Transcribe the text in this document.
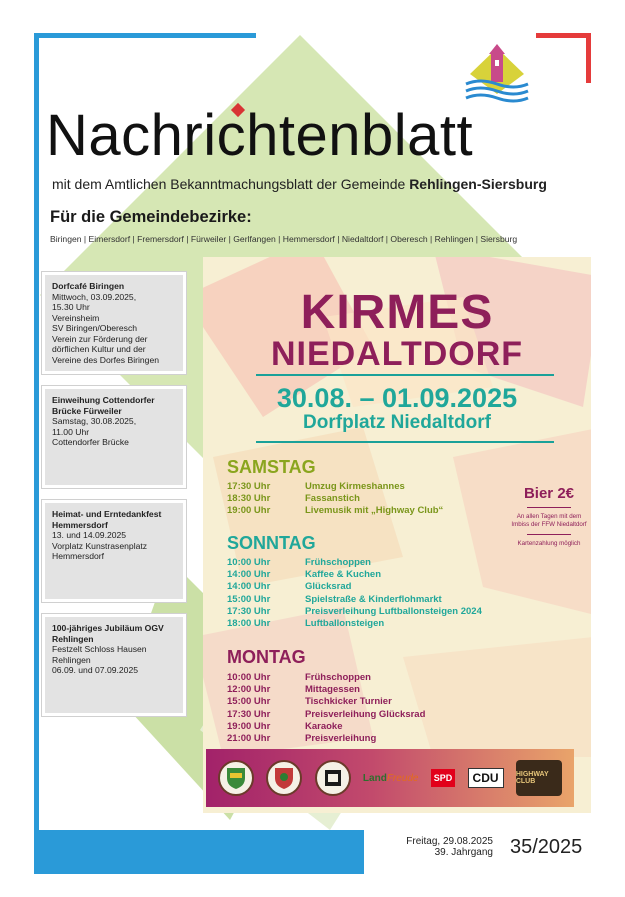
Nachrichtenblatt
mit dem Amtlichen Bekanntmachungsblatt der Gemeinde Rehlingen-Siersburg
Für die Gemeindebezirke:
Biringen | Eimersdorf | Fremersdorf | Fürweiler | Gerlfangen | Hemmersdorf | Niedaltdorf | Oberesch | Rehlingen | Siersburg
Dorfcafé Biringen
Mittwoch, 03.09.2025,
15.30 Uhr
Vereinsheim
SV Biringen/Oberesch
Verein zur Förderung der
dörflichen Kultur und der
Vereine des Dorfes Biringen
Einweihung Cottendorfer Brücke Fürweiler
Samstag, 30.08.2025,
11.00 Uhr
Cottendorfer Brücke
Heimat- und Erntedankfest Hemmersdorf
13. und 14.09.2025
Vorplatz Kunstrasenplatz
Hemmersdorf
100-jähriges Jubiläum OGV Rehlingen
Festzelt Schloss Hausen
Rehlingen
06.09. und 07.09.2025
KIRMES
NIEDALTDORF
30.08. – 01.09.2025
Dorfplatz Niedaltdorf
SAMSTAG
17:30 Uhr	Umzug Kirmeshannes
18:30 Uhr	Fassanstich
19:00 Uhr	Livemusik mit „Highway Club“
SONNTAG
10:00 Uhr	Frühschoppen
14:00 Uhr	Kaffee & Kuchen
14:00 Uhr	Glücksrad
15:00 Uhr	Spielstraße & Kinderflohmarkt
17:30 Uhr	Preisverleihung Luftballonsteigen 2024
18:00 Uhr	Luftballonsteigen
MONTAG
10:00 Uhr	Frühschoppen
12:00 Uhr	Mittagessen
15:00 Uhr	Tischkicker Turnier
17:30 Uhr	Preisverleihung Glücksrad
19:00 Uhr	Karaoke
21:00 Uhr	Preisverleihung
Bier 2€
An allen Tagen mit dem Imbiss der FFW Niedaltdorf
Kartenzahlung möglich
LandFreude	SPD	CDU	HIGHWAY CLUB
Freitag, 29.08.2025
39. Jahrgang 35/2025
